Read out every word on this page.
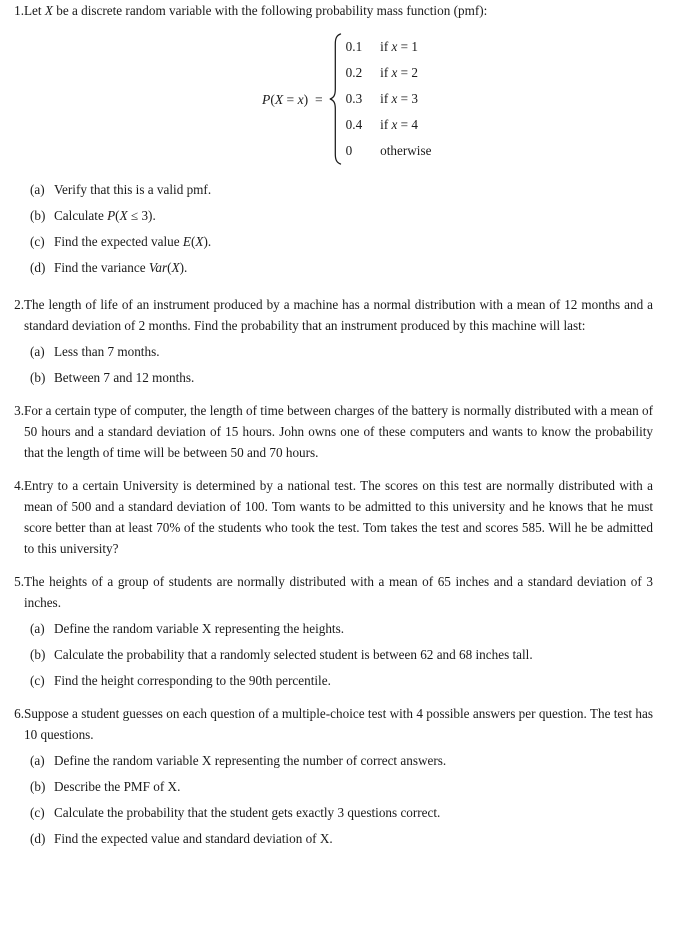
1. Let X be a discrete random variable with the following probability mass function (pmf):
P(X = x)  =
0.1 if x = 1
0.2 if x = 2
0.3 if x = 3
0.4 if x = 4
0	otherwise
(a) Verify that this is a valid pmf.
(b) Calculate P(X ≤ 3).
(c) Find the expected value E(X).
(d) Find the variance Var(X).
2. The length of life of an instrument produced by a machine has a normal distribution with a mean of 12 months and a standard deviation of 2 months. Find the probability that an instrument produced by this machine will last:
(a) Less than 7 months.
(b) Between 7 and 12 months.
3. For a certain type of computer, the length of time between charges of the battery is normally distributed with a mean of 50 hours and a standard deviation of 15 hours. John owns one of these computers and wants to know the probability that the length of time will be between 50 and 70 hours.
4. Entry to a certain University is determined by a national test. The scores on this test are normally distributed with a mean of 500 and a standard deviation of 100. Tom wants to be admitted to this university and he knows that he must score better than at least 70% of the students who took the test. Tom takes the test and scores 585. Will he be admitted to this university?
5. The heights of a group of students are normally distributed with a mean of 65 inches and a standard deviation of 3 inches.
(a) Define the random variable X representing the heights.
(b) Calculate the probability that a randomly selected student is between 62 and 68 inches tall.
(c) Find the height corresponding to the 90th percentile.
6. Suppose a student guesses on each question of a multiple-choice test with 4 possible answers per question. The test has 10 questions.
(a) Define the random variable X representing the number of correct answers.
(b) Describe the PMF of X.
(c) Calculate the probability that the student gets exactly 3 questions correct.
(d) Find the expected value and standard deviation of X.
